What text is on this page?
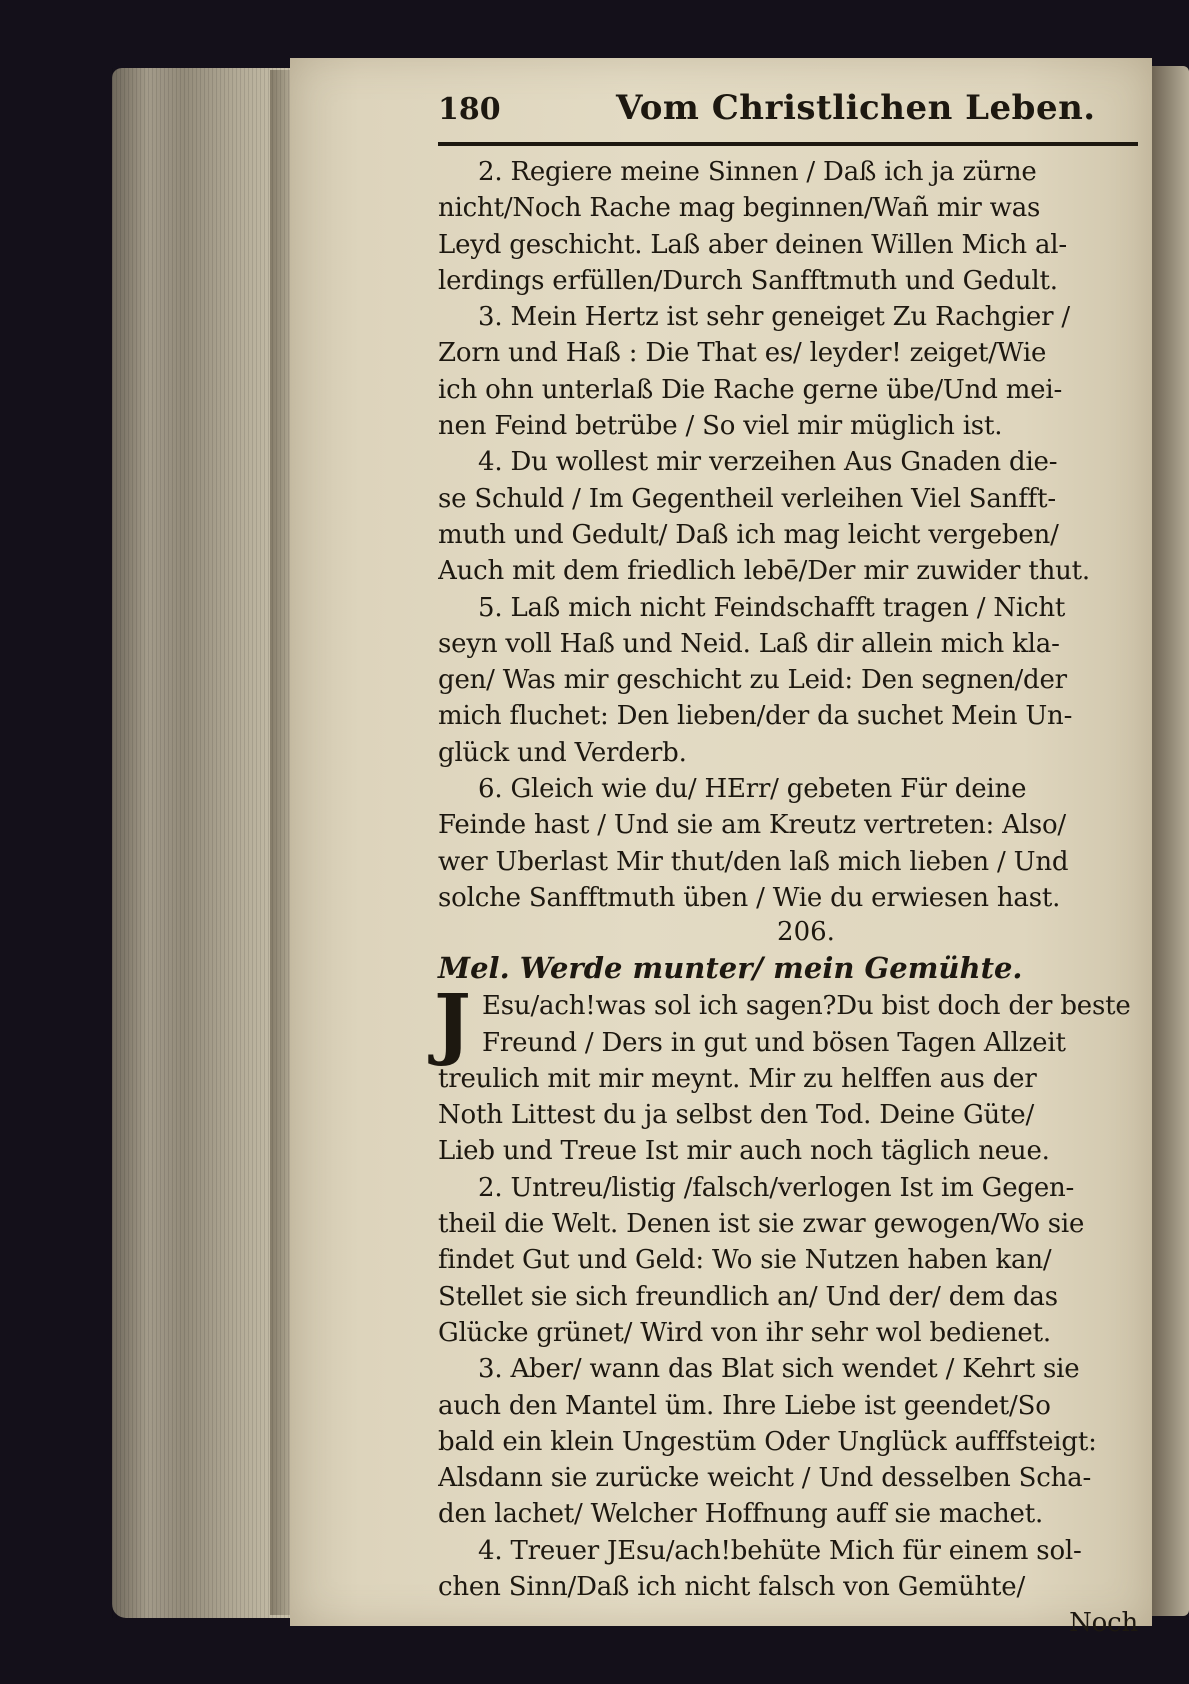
180	Vom Christlichen Leben.
2. Regiere meine Sinnen / Daß ich ja zürne
nicht/Noch Rache mag beginnen/Wañ mir was
Leyd geschicht. Laß aber deinen Willen Mich al-
lerdings erfüllen/Durch Sanfftmuth und Gedult.
3. Mein Hertz ist sehr geneiget Zu Rachgier /
Zorn und Haß : Die That es/ leyder! zeiget/Wie
ich ohn unterlaß Die Rache gerne übe/Und mei-
nen Feind betrübe / So viel mir müglich ist.
4. Du wollest mir verzeihen Aus Gnaden die-
se Schuld / Im Gegentheil verleihen Viel Sanfft-
muth und Gedult/ Daß ich mag leicht vergeben/
Auch mit dem friedlich lebē/Der mir zuwider thut.
5. Laß mich nicht Feindschafft tragen / Nicht
seyn voll Haß und Neid. Laß dir allein mich kla-
gen/ Was mir geschicht zu Leid: Den segnen/der
mich fluchet: Den lieben/der da suchet Mein Un-
glück und Verderb.
6. Gleich wie du/ HErr/ gebeten Für deine
Feinde hast / Und sie am Kreutz vertreten: Also/
wer Uberlast Mir thut/den laß mich lieben / Und
solche Sanfftmuth üben / Wie du erwiesen hast.
206.
Mel. Werde munter/ mein Gemühte.
J Esu/ach!was sol ich sagen?Du bist doch der beste
Freund / Ders in gut und bösen Tagen Allzeit
treulich mit mir meynt. Mir zu helffen aus der
Noth Littest du ja selbst den Tod. Deine Güte/
Lieb und Treue Ist mir auch noch täglich neue.
2. Untreu/listig /falsch/verlogen Ist im Gegen-
theil die Welt. Denen ist sie zwar gewogen/Wo sie
findet Gut und Geld: Wo sie Nutzen haben kan/
Stellet sie sich freundlich an/ Und der/ dem das
Glücke grünet/ Wird von ihr sehr wol bedienet.
3. Aber/ wann das Blat sich wendet / Kehrt sie
auch den Mantel üm. Ihre Liebe ist geendet/So
bald ein klein Ungestüm Oder Unglück aufffsteigt:
Alsdann sie zurücke weicht / Und desselben Scha-
den lachet/ Welcher Hoffnung auff sie machet.
4. Treuer JEsu/ach!behüte Mich für einem sol-
chen Sinn/Daß ich nicht falsch von Gemühte/
Noch
